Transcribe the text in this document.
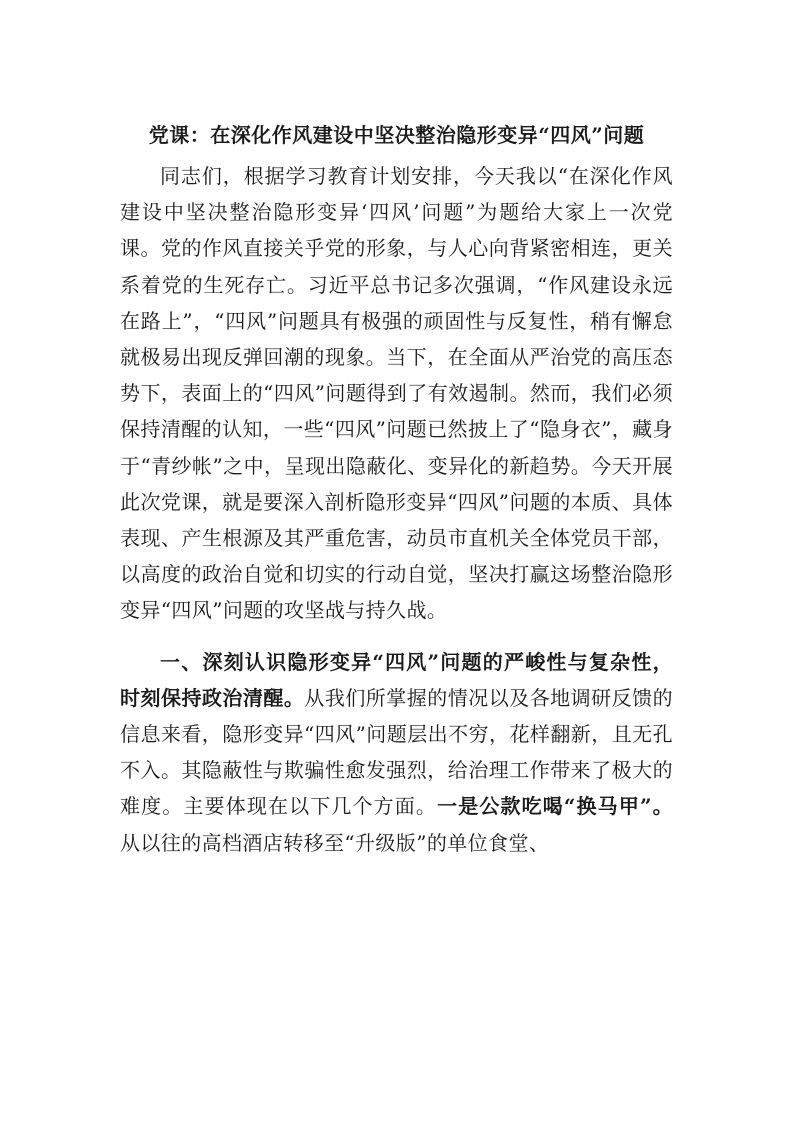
党课：在深化作风建设中坚决整治隐形变异“四风”问题

同志们，根据学习教育计划安排，今天我以“在深化作风建设中坚决整治隐形变异‘四风’问题”为题给大家上一次党课。党的作风直接关乎党的形象，与人心向背紧密相连，更关系着党的生死存亡。习近平总书记多次强调，“作风建设永远在路上”，“四风”问题具有极强的顽固性与反复性，稍有懈怠就极易出现反弹回潮的现象。当下，在全面从严治党的高压态势下，表面上的“四风”问题得到了有效遏制。然而，我们必须保持清醒的认知，一些“四风”问题已然披上了“隐身衣”，藏身于“青纱帐”之中，呈现出隐蔽化、变异化的新趋势。今天开展此次党课，就是要深入剖析隐形变异“四风”问题的本质、具体表现、产生根源及其严重危害，动员市直机关全体党员干部，以高度的政治自觉和切实的行动自觉，坚决打赢这场整治隐形变异“四风”问题的攻坚战与持久战。

一、深刻认识隐形变异“四风”问题的严峻性与复杂性，时刻保持政治清醒。从我们所掌握的情况以及各地调研反馈的信息来看，隐形变异“四风”问题层出不穷，花样翻新，且无孔不入。其隐蔽性与欺骗性愈发强烈，给治理工作带来了极大的难度。主要体现在以下几个方面。一是公款吃喝“换马甲”。从以往的高档酒店转移至“升级版”的单位食堂、
